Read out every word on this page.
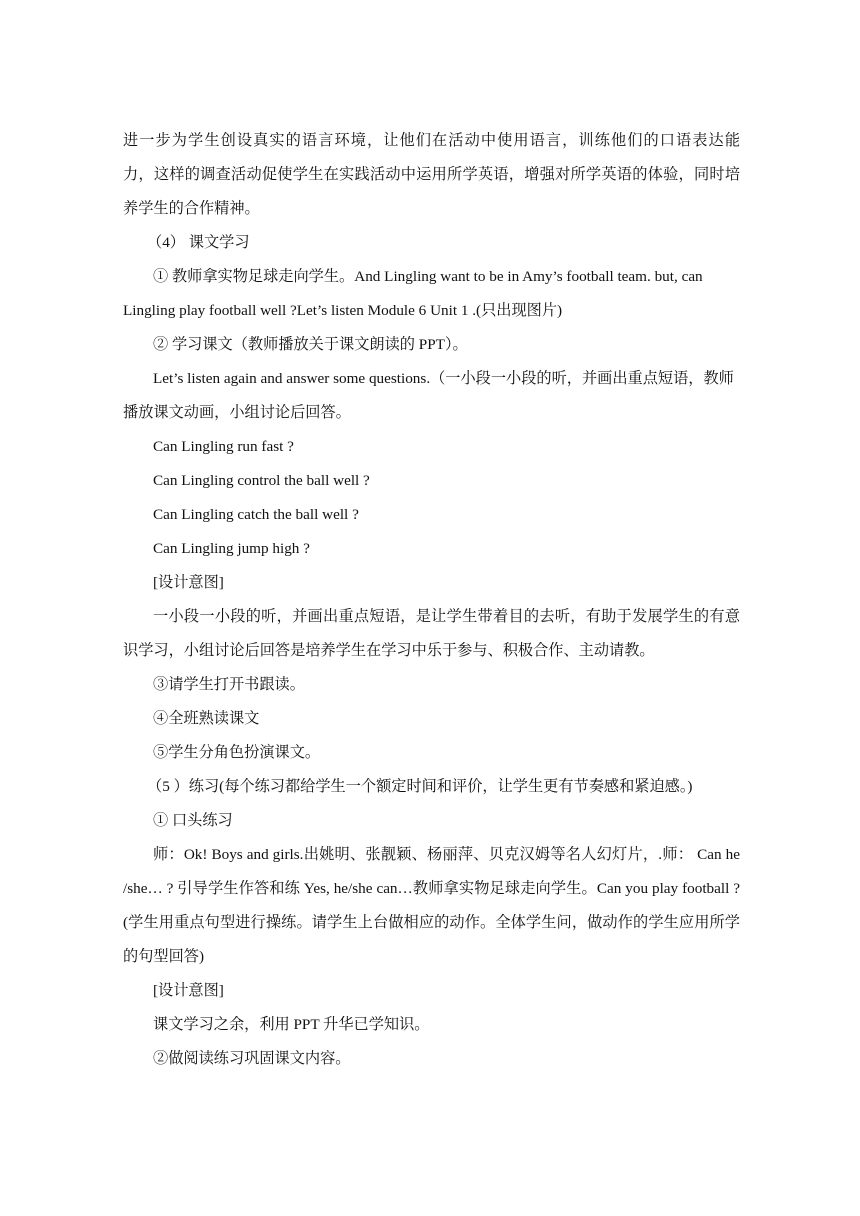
进一步为学生创设真实的语言环境，让他们在活动中使用语言，训练他们的口语表达能

力，这样的调查活动促使学生在实践活动中运用所学英语，增强对所学英语的体验，同时培

养学生的合作精神。

（4） 课文学习

① 教师拿实物足球走向学生。And Lingling want to be in Amy’s football team. but, can

Lingling play football well ?Let’s listen Module 6 Unit 1 .(只出现图片)

② 学习课文（教师播放关于课文朗读的 PPT）。

Let’s listen again and answer some questions.（一小段一小段的听，并画出重点短语，教师

播放课文动画，小组讨论后回答。

Can Lingling run fast ?

Can Lingling control the ball well ?

Can Lingling catch the ball well ?

Can Lingling jump high ?

[设计意图]

一小段一小段的听，并画出重点短语，是让学生带着目的去听，有助于发展学生的有意

识学习，小组讨论后回答是培养学生在学习中乐于参与、积极合作、主动请教。

③请学生打开书跟读。

④全班熟读课文

⑤学生分角色扮演课文。

（5 ）练习(每个练习都给学生一个额定时间和评价，让学生更有节奏感和紧迫感。)

① 口头练习

师：Ok! Boys and girls.出姚明、张靓颖、杨丽萍、贝克汉姆等名人幻灯片，.师： Can he

/she… ? 引导学生作答和练 Yes, he/she can…教师拿实物足球走向学生。Can you play football ?

(学生用重点句型进行操练。请学生上台做相应的动作。全体学生问，做动作的学生应用所学

的句型回答)

[设计意图]

课文学习之余，利用 PPT 升华已学知识。

②做阅读练习巩固课文内容。
